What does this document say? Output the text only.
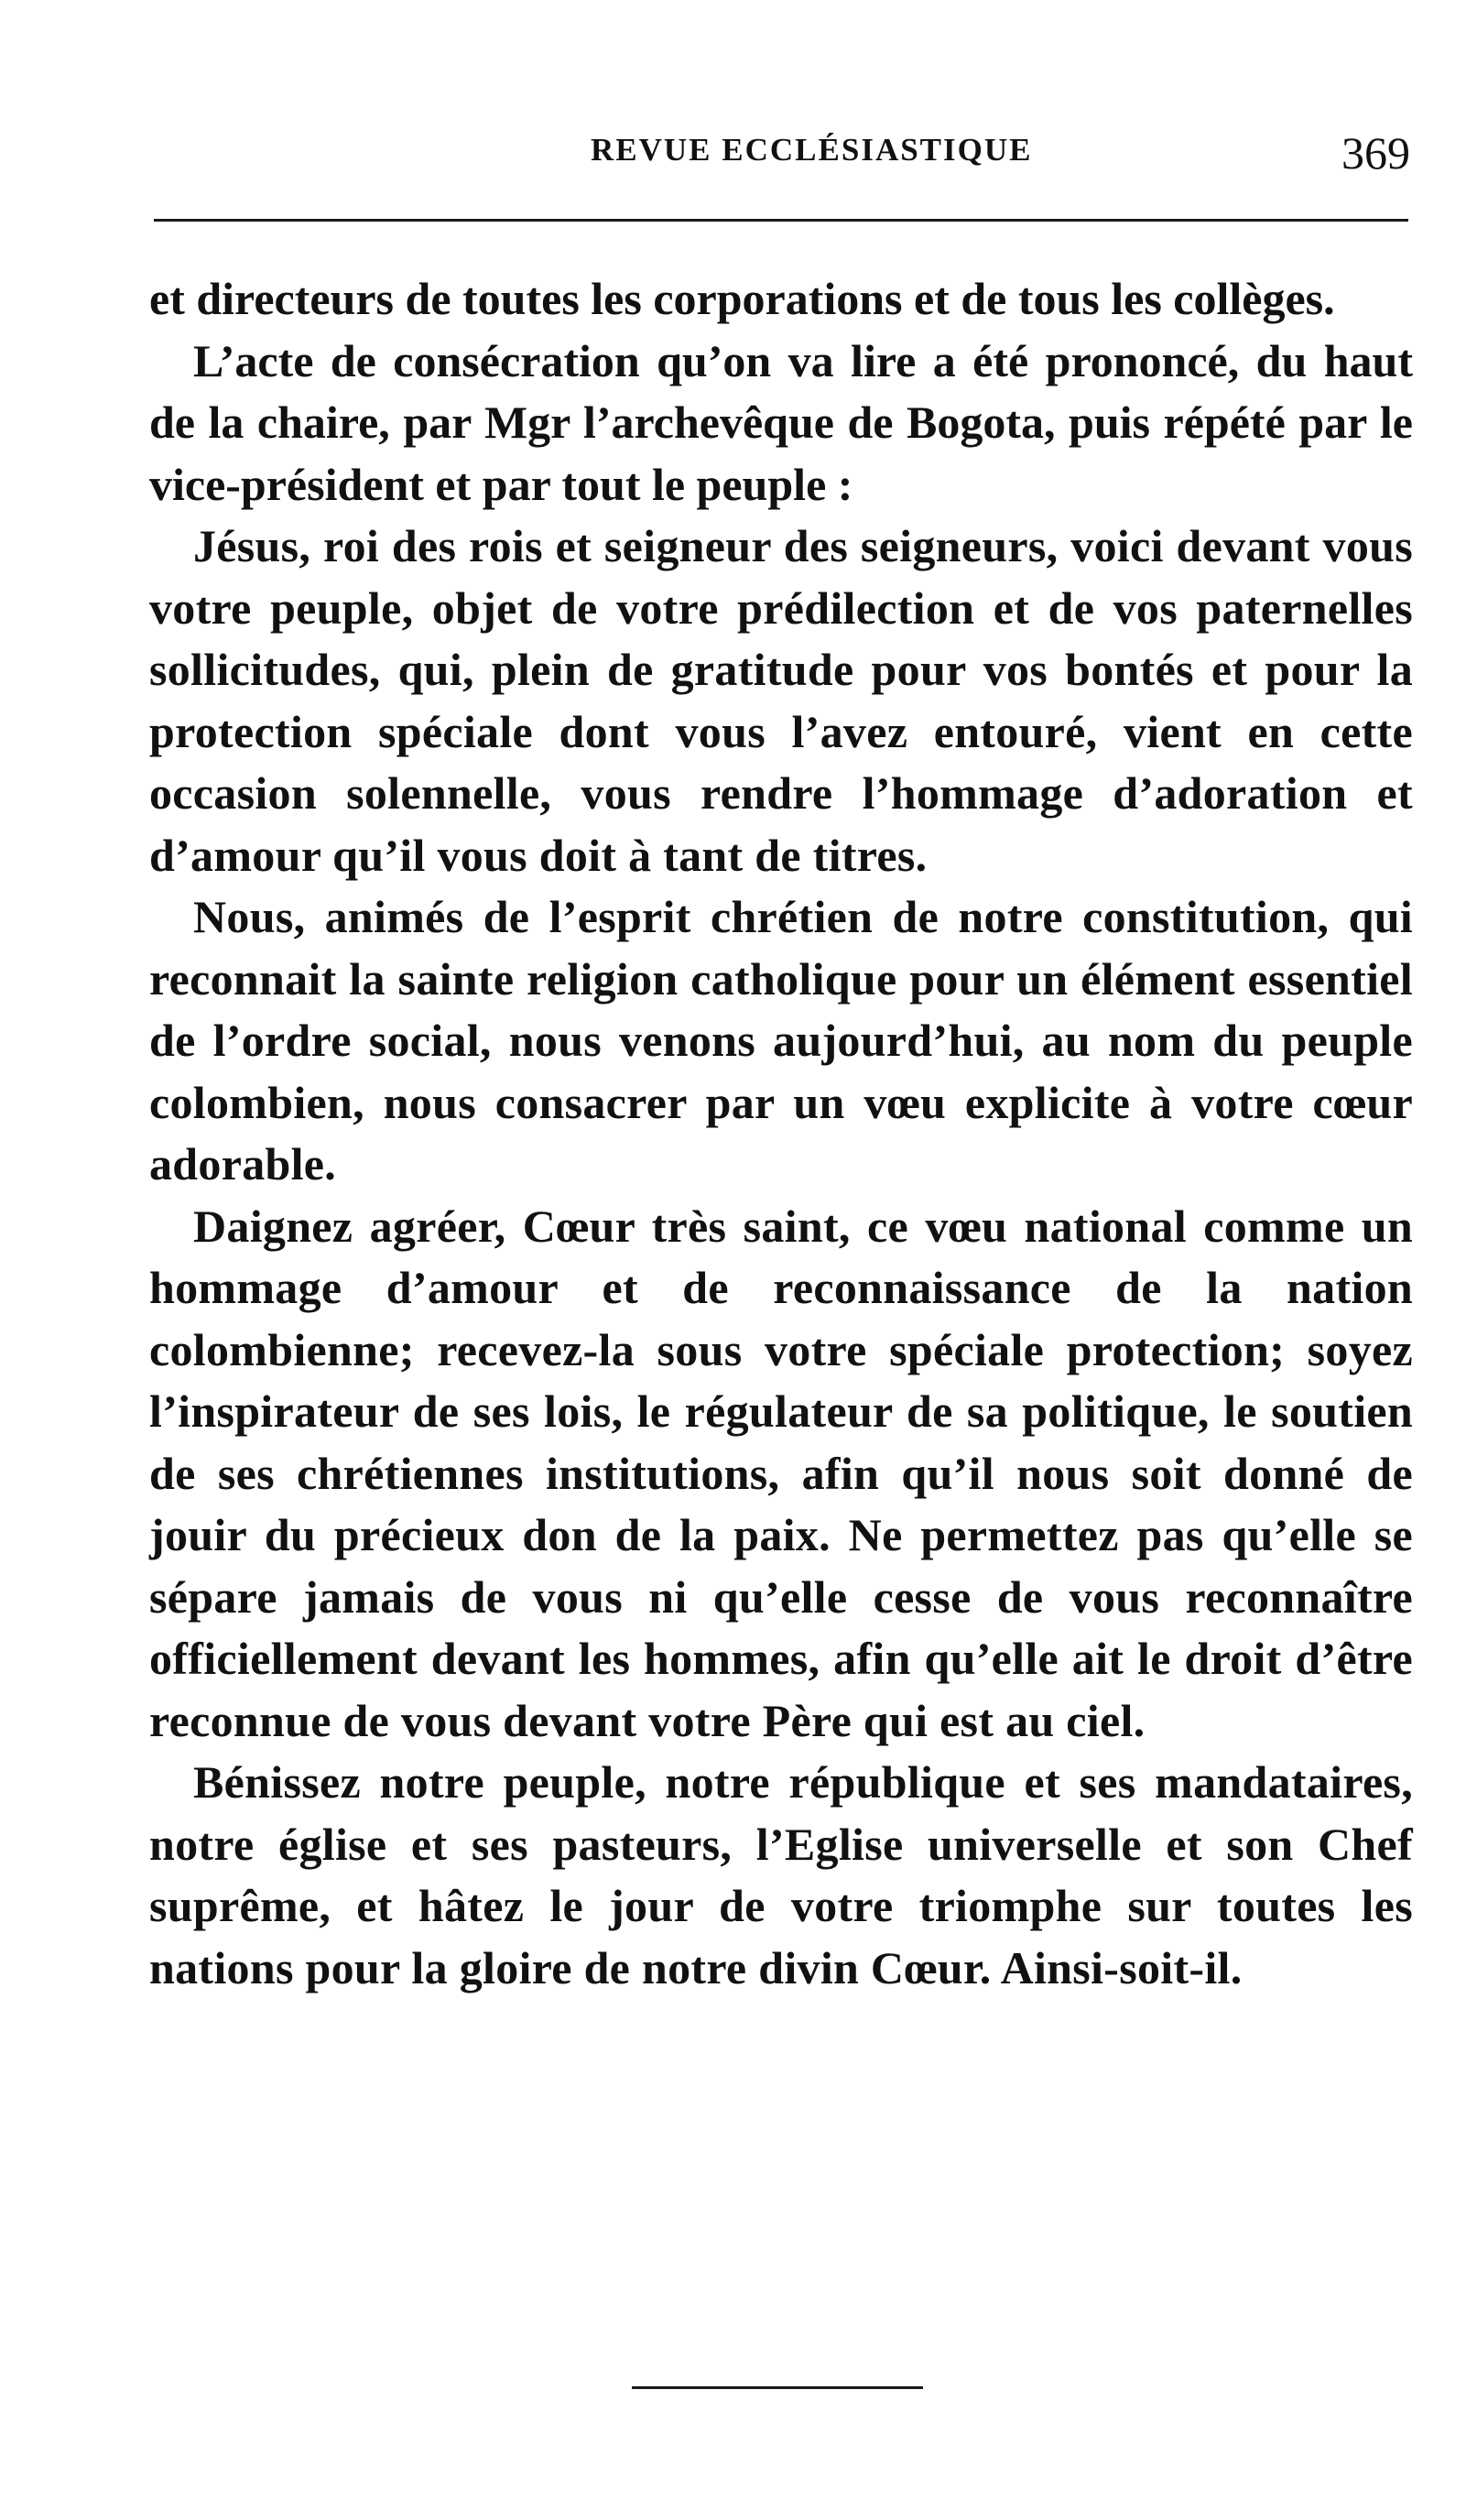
REVUE ECCLÉSIASTIQUE	369

et directeurs de toutes les corporations et de tous les collèges.

L’acte de consécration qu’on va lire a été prononcé, du haut de la chaire, par Mgr l’archevêque de Bogota, puis répété par le vice-président et par tout le peuple :

Jésus, roi des rois et seigneur des seigneurs, voici devant vous votre peuple, objet de votre prédilection et de vos paternelles sollicitudes, qui, plein de gratitude pour vos bontés et pour la protection spéciale dont vous l’avez entouré, vient en cette occasion solennelle, vous rendre l’hommage d’adoration et d’amour qu’il vous doit à tant de titres.

Nous, animés de l’esprit chrétien de notre constitution, qui reconnait la sainte religion catholique pour un élément essentiel de l’ordre social, nous venons aujourd’hui, au nom du peuple colombien, nous consacrer par un vœu explicite à votre cœur adorable.

Daignez agréer, Cœur très saint, ce vœu national comme un hommage d’amour et de reconnaissance de la nation colombienne; recevez-la sous votre spéciale protection; soyez l’inspirateur de ses lois, le régulateur de sa politique, le soutien de ses chrétiennes institutions, afin qu’il nous soit donné de jouir du précieux don de la paix. Ne permettez pas qu’elle se sépare jamais de vous ni qu’elle cesse de vous reconnaître officiellement devant les hommes, afin qu’elle ait le droit d’être reconnue de vous devant votre Père qui est au ciel.

Bénissez notre peuple, notre république et ses mandataires, notre église et ses pasteurs, l’Eglise universelle et son Chef suprême, et hâtez le jour de votre triomphe sur toutes les nations pour la gloire de notre divin Cœur. Ainsi-soit-il.
